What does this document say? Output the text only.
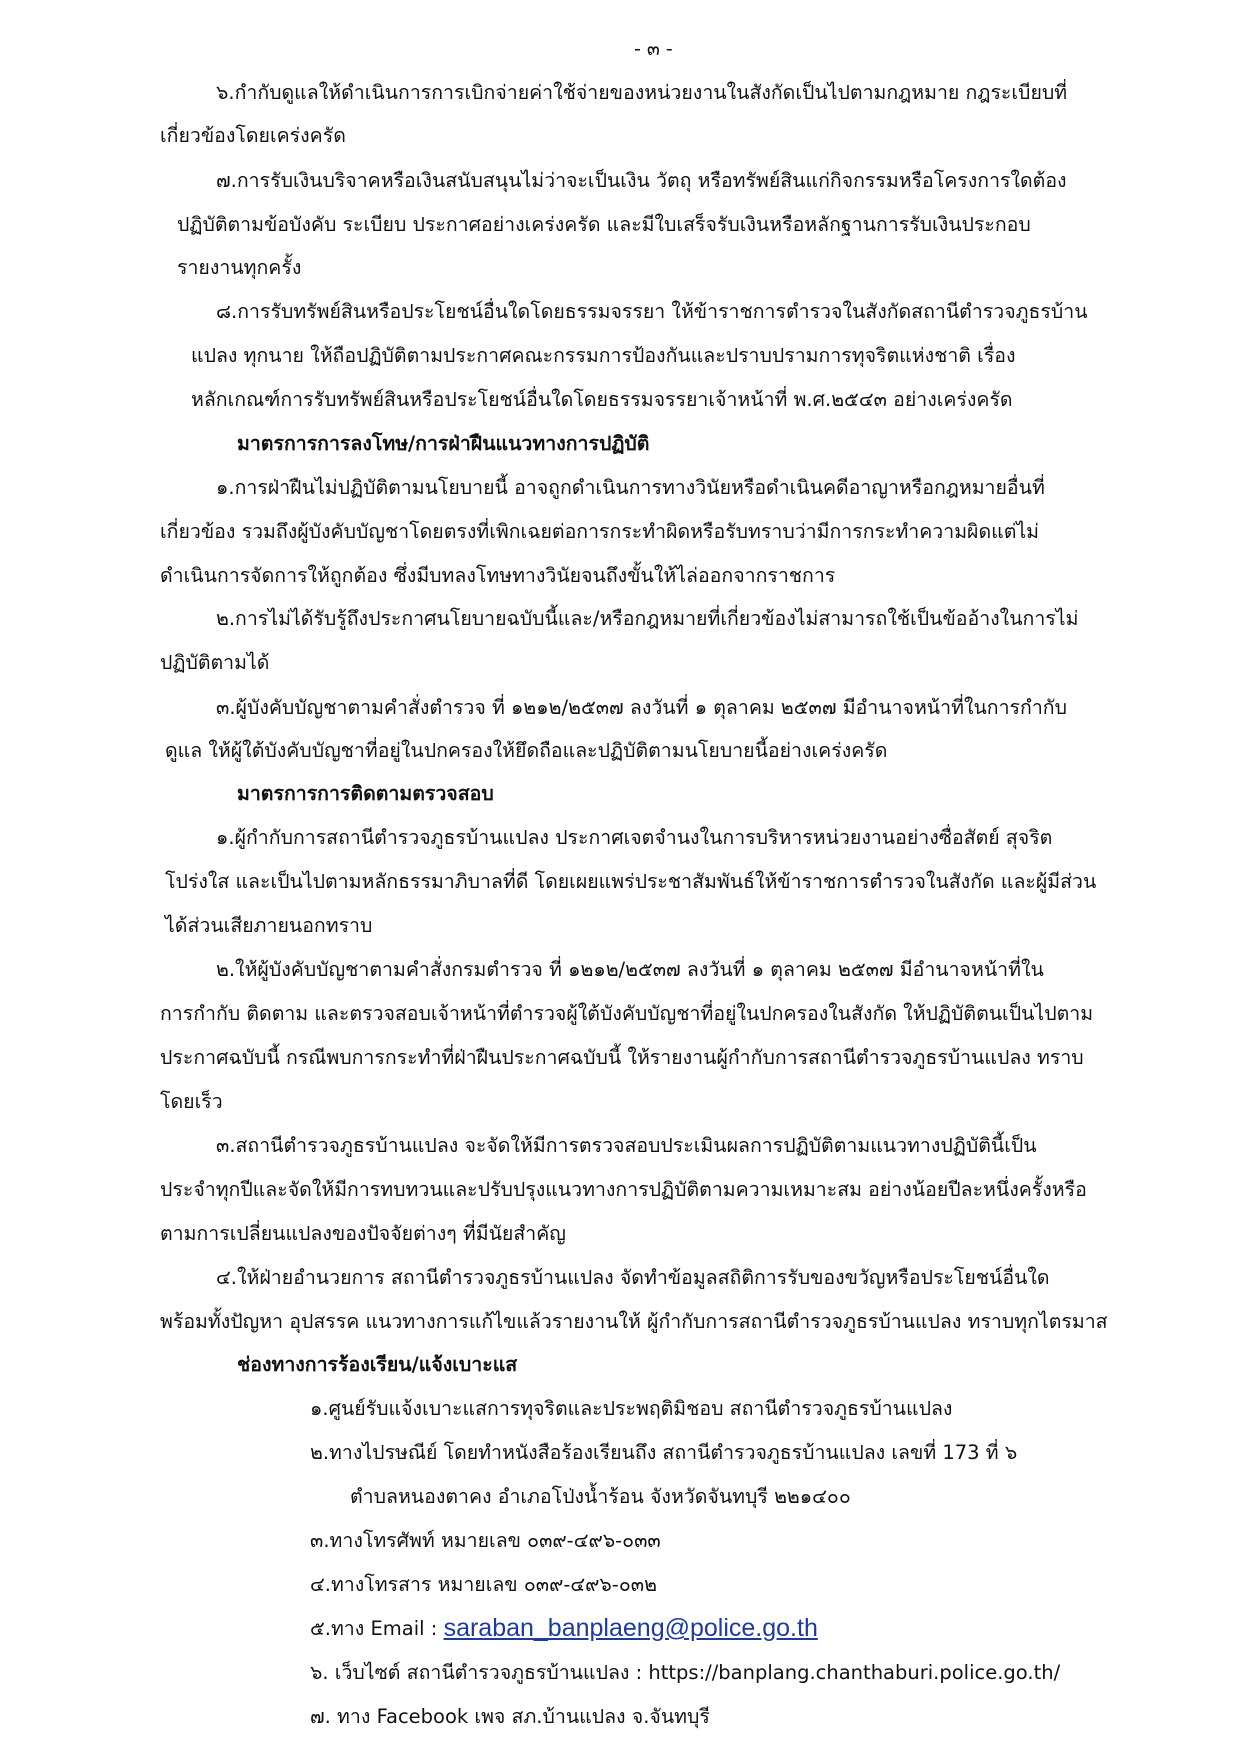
- ๓ -
๖.กำกับดูแลให้ดำเนินการการเบิกจ่ายค่าใช้จ่ายของหน่วยงานในสังกัดเป็นไปตามกฎหมาย กฎระเบียบที่
เกี่ยวข้องโดยเคร่งครัด
๗.การรับเงินบริจาคหรือเงินสนับสนุนไม่ว่าจะเป็นเงิน วัตถุ หรือทรัพย์สินแก่กิจกรรมหรือโครงการใดต้อง
ปฏิบัติตามข้อบังคับ ระเบียบ ประกาศอย่างเคร่งครัด และมีใบเสร็จรับเงินหรือหลักฐานการรับเงินประกอบ
รายงานทุกครั้ง
๘.การรับทรัพย์สินหรือประโยชน์อื่นใดโดยธรรมจรรยา ให้ข้าราชการตำรวจในสังกัดสถานีตำรวจภูธรบ้าน
แปลง ทุกนาย ให้ถือปฏิบัติตามประกาศคณะกรรมการป้องกันและปราบปรามการทุจริตแห่งชาติ เรื่อง
หลักเกณฑ์การรับทรัพย์สินหรือประโยชน์อื่นใดโดยธรรมจรรยาเจ้าหน้าที่ พ.ศ.๒๕๔๓ อย่างเคร่งครัด
มาตรการการลงโทษ/การฝ่าฝืนแนวทางการปฏิบัติ
๑.การฝ่าฝืนไม่ปฏิบัติตามนโยบายนี้ อาจถูกดำเนินการทางวินัยหรือดำเนินคดีอาญาหรือกฎหมายอื่นที่
เกี่ยวข้อง รวมถึงผู้บังคับบัญชาโดยตรงที่เพิกเฉยต่อการกระทำผิดหรือรับทราบว่ามีการกระทำความผิดแต่ไม่
ดำเนินการจัดการให้ถูกต้อง ซึ่งมีบทลงโทษทางวินัยจนถึงขั้นให้ไล่ออกจากราชการ
๒.การไม่ได้รับรู้ถึงประกาศนโยบายฉบับนี้และ/หรือกฎหมายที่เกี่ยวข้องไม่สามารถใช้เป็นข้ออ้างในการไม่
ปฏิบัติตามได้
๓.ผู้บังคับบัญชาตามคำสั่งตำรวจ ที่ ๑๒๑๒/๒๕๓๗ ลงวันที่ ๑ ตุลาคม ๒๕๓๗ มีอำนาจหน้าที่ในการกำกับ
ดูแล ให้ผู้ใต้บังคับบัญชาที่อยู่ในปกครองให้ยึดถือและปฏิบัติตามนโยบายนี้อย่างเคร่งครัด
มาตรการการติดตามตรวจสอบ
๑.ผู้กำกับการสถานีตำรวจภูธรบ้านแปลง ประกาศเจตจำนงในการบริหารหน่วยงานอย่างซื่อสัตย์ สุจริต
โปร่งใส และเป็นไปตามหลักธรรมาภิบาลที่ดี โดยเผยแพร่ประชาสัมพันธ์ให้ข้าราชการตำรวจในสังกัด และผู้มีส่วน
ได้ส่วนเสียภายนอกทราบ
๒.ให้ผู้บังคับบัญชาตามคำสั่งกรมตำรวจ ที่ ๑๒๑๒/๒๕๓๗ ลงวันที่ ๑ ตุลาคม ๒๕๓๗ มีอำนาจหน้าที่ใน
การกำกับ ติดตาม และตรวจสอบเจ้าหน้าที่ตำรวจผู้ใต้บังคับบัญชาที่อยู่ในปกครองในสังกัด ให้ปฏิบัติตนเป็นไปตาม
ประกาศฉบับนี้ กรณีพบการกระทำที่ฝ่าฝืนประกาศฉบับนี้ ให้รายงานผู้กำกับการสถานีตำรวจภูธรบ้านแปลง ทราบ
โดยเร็ว
๓.สถานีตำรวจภูธรบ้านแปลง จะจัดให้มีการตรวจสอบประเมินผลการปฏิบัติตามแนวทางปฏิบัตินี้เป็น
ประจำทุกปีและจัดให้มีการทบทวนและปรับปรุงแนวทางการปฏิบัติตามความเหมาะสม อย่างน้อยปีละหนึ่งครั้งหรือ
ตามการเปลี่ยนแปลงของปัจจัยต่างๆ ที่มีนัยสำคัญ
๔.ให้ฝ่ายอำนวยการ สถานีตำรวจภูธรบ้านแปลง จัดทำข้อมูลสถิติการรับของขวัญหรือประโยชน์อื่นใด
พร้อมทั้งปัญหา อุปสรรค แนวทางการแก้ไขแล้วรายงานให้ ผู้กำกับการสถานีตำรวจภูธรบ้านแปลง ทราบทุกไตรมาส
ช่องทางการร้องเรียน/แจ้งเบาะแส
๑.ศูนย์รับแจ้งเบาะแสการทุจริตและประพฤติมิชอบ สถานีตำรวจภูธรบ้านแปลง
๒.ทางไปรษณีย์ โดยทำหนังสือร้องเรียนถึง สถานีตำรวจภูธรบ้านแปลง เลขที่ 173 ที่ ๖
ตำบลหนองตาคง อำเภอโป่งน้ำร้อน จังหวัดจันทบุรี ๒๒๑๔๐๐
๓.ทางโทรศัพท์ หมายเลข ๐๓๙-๔๙๖-๐๓๓
๔.ทางโทรสาร หมายเลข ๐๓๙-๔๙๖-๐๓๒
๕.ทาง Email : saraban_banplaeng@police.go.th
๖. เว็บไซต์ สถานีตำรวจภูธรบ้านแปลง : https://banplang.chanthaburi.police.go.th/
๗. ทาง Facebook เพจ สภ.บ้านแปลง จ.จันทบุรี
